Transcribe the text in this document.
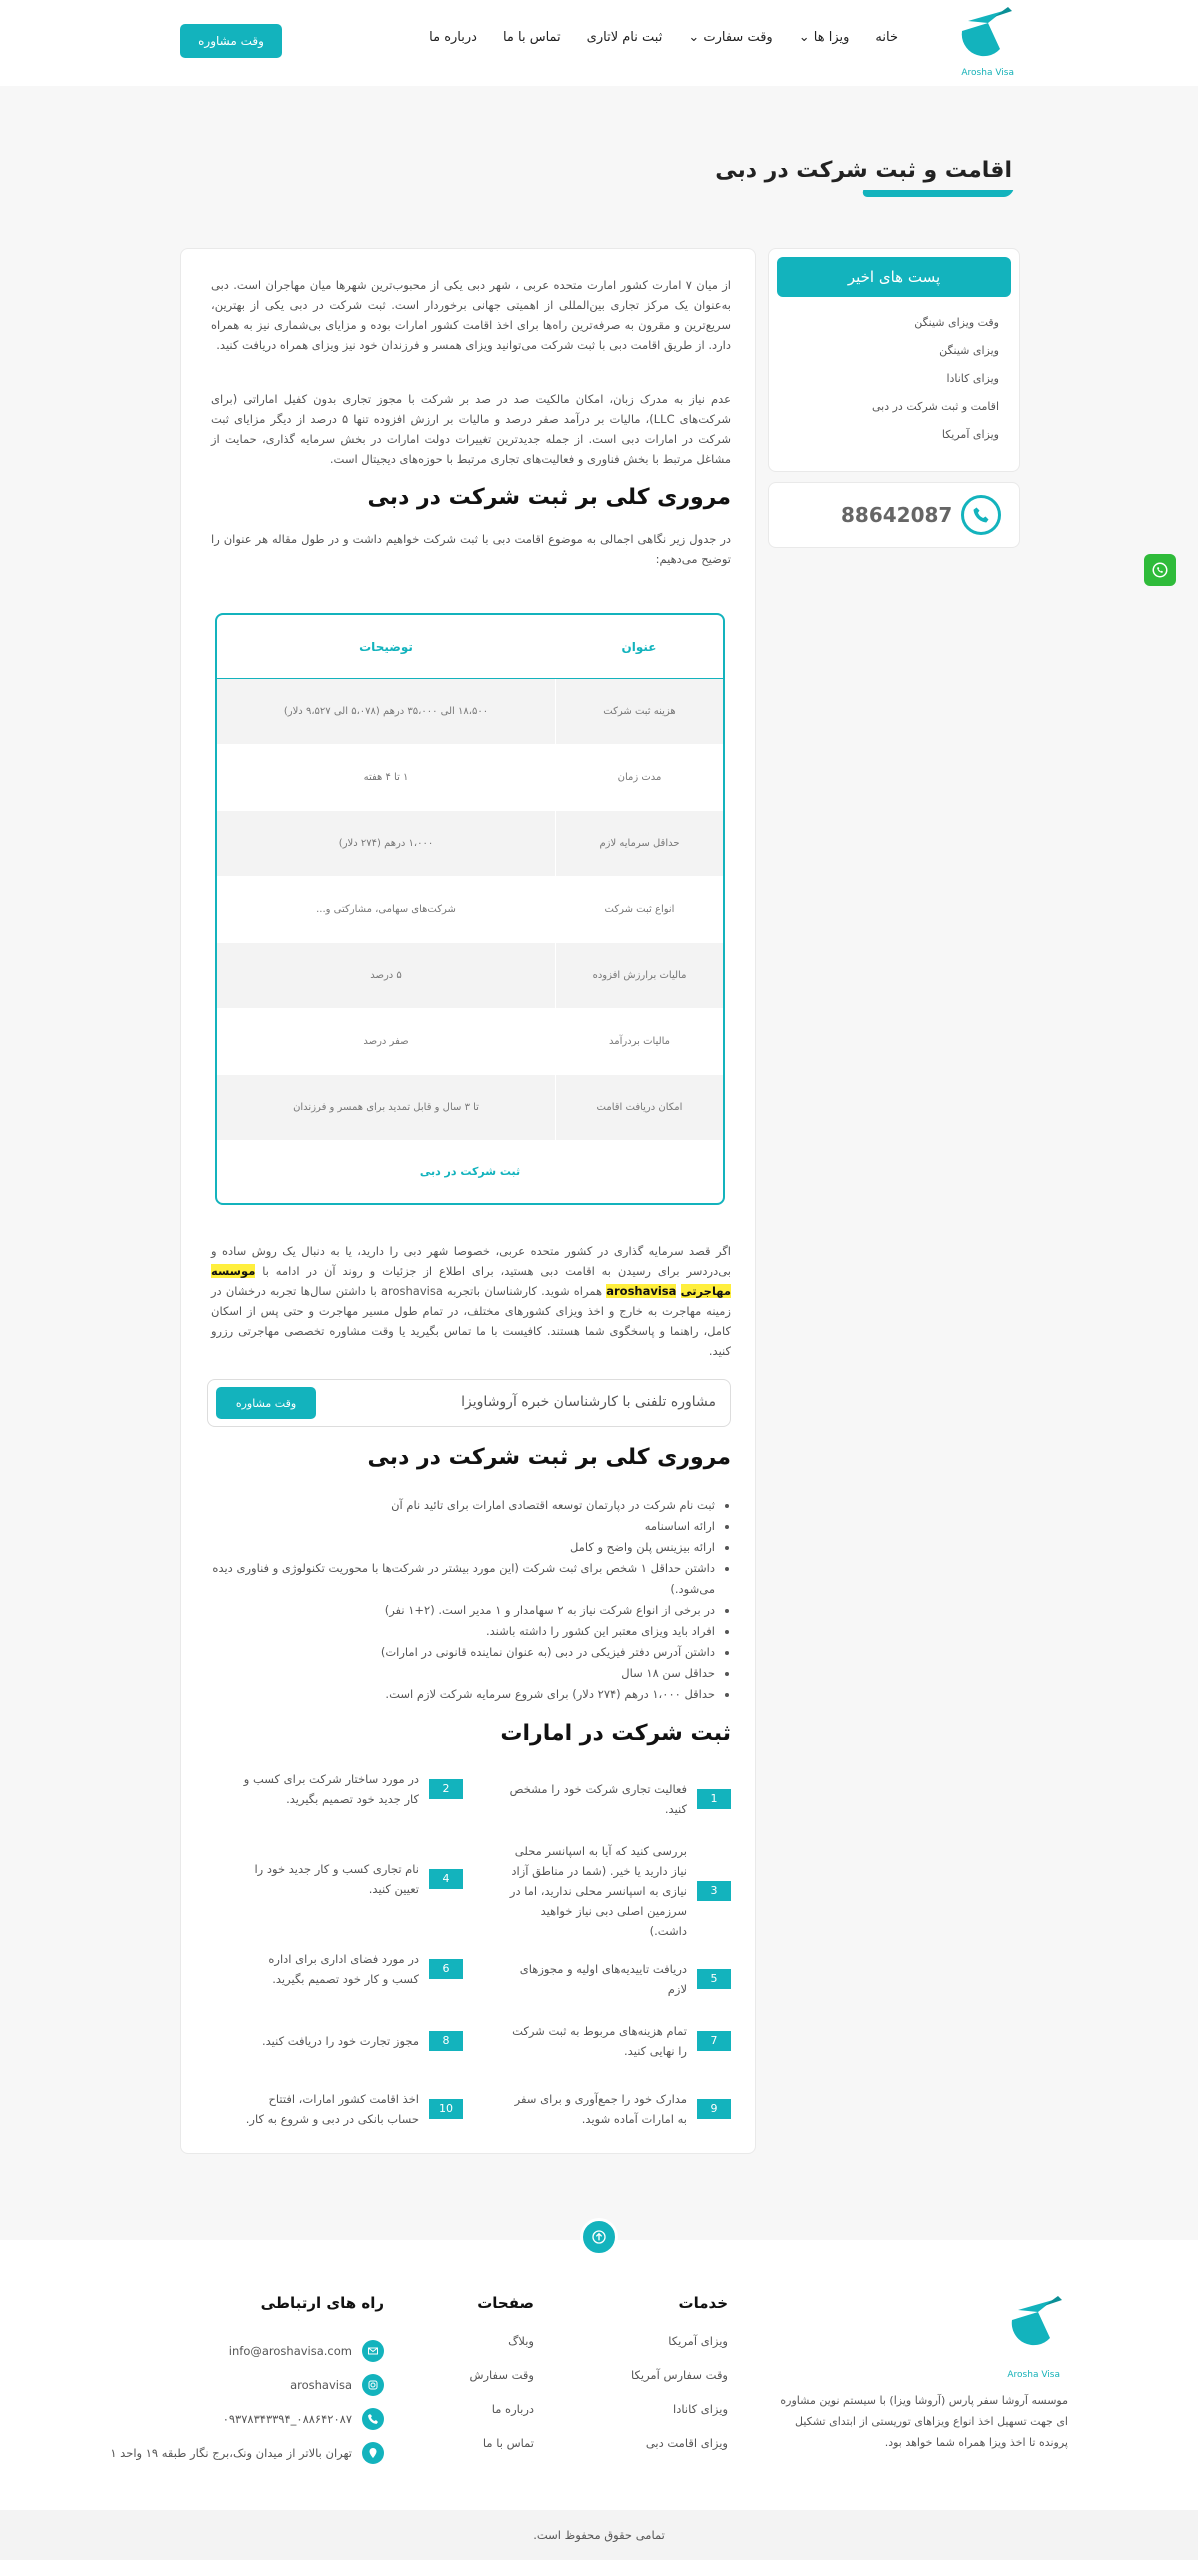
Arosha Visa
خانه
ویزا ها ⌄
وقت سفارت ⌄
ثبت نام لاتاری
تماس با ما
درباره ما
وقت مشاوره
اقامت و ثبت شرکت در دبی
پست های اخیر
وقت ویزای شینگن
ویزای شینگن
ویزای کانادا
اقامت و ثبت شرکت در دبی
ویزای آمریکا
88642087

از میان ۷ امارت کشور امارت متحده عربی ، شهر دبی یکی از محبوب‌ترین شهرها میان مهاجران است. دبی به‌عنوان یک مرکز تجاری بین‌المللی از اهمیتی جهانی برخوردار است. ثبت شرکت در دبی یکی از بهترین، سریع‌ترین و مقرون به صرفه‌ترین راه‌ها برای اخذ اقامت کشور امارات بوده و مزایای بی‌شماری نیز به همراه دارد. از طریق اقامت دبی با ثبت شرکت می‌توانید ویزای همسر و فرزندان خود نیز ویزای همراه دریافت کنید.

عدم نیاز به مدرک زبان، امکان مالکیت صد در صد بر شرکت با مجوز تجاری بدون کفیل اماراتی (برای شرکت‌های LLC)، مالیات بر درآمد صفر درصد و مالیات بر ارزش افزوده تنها ۵ درصد از دیگر مزایای ثبت شرکت در امارات دبی است. از جمله جدیدترین تغییرات دولت امارات در بخش سرمایه گذاری، حمایت از مشاغل مرتبط با بخش فناوری و فعالیت‌های تجاری مرتبط با حوزه‌های دیجیتال است.

مروری کلی بر ثبت شرکت در دبی

در جدول زیر نگاهی اجمالی به موضوع اقامت دبی با ثبت شرکت خواهیم داشت و در طول مقاله هر عنوان را توضیح می‌دهیم:

عنوان
توضیحات
هزینه ثبت شرکت
۱۸،۵۰۰ الی ۳۵،۰۰۰ درهم (۵،۰۷۸ الی ۹،۵۲۷ دلار)
مدت زمان
۱ تا ۴ هفته
حداقل سرمایه لازم
۱،۰۰۰ درهم (۲۷۴ دلار)
انواع ثبت شرکت
شرکت‌های سهامی، مشارکتی و...
مالیات برارزش افزوده
۵ درصد
مالیات بردرآمد
صفر درصد
امکان دریافت اقامت
تا ۳ سال و قابل تمدید برای همسر و فرزندان
ثبت شرکت در دبی

اگر قصد سرمایه گذاری در کشور متحده عربی، خصوصا شهر دبی را دارید، یا به دنبال یک روش ساده و بی‌دردسر برای رسیدن به اقامت دبی هستید، برای اطلاع از جزئیات و روند آن در ادامه با موسسه مهاجرتی aroshavisa همراه شوید. کارشناسان باتجربه aroshavisa با داشتن سال‌ها تجربه درخشان در زمینه مهاجرت به خارج و اخذ ویزای کشورهای مختلف، در تمام طول مسیر مهاجرت و حتی پس از اسکان کامل، راهنما و پاسخگوی شما هستند. کافیست با ما تماس بگیرید یا وقت مشاوره تخصصی مهاجرتی رزرو کنید.

مشاوره تلفنی با کارشناسان خبره آروشاویزا
وقت مشاوره
مروری کلی بر ثبت شرکت در دبی
• ثبت نام شرکت در دپارتمان توسعه اقتصادی امارات برای تائید نام آن
• ارائه اساسنامه
• ارائه بیزینس پلن واضح و کامل
• داشتن حداقل ۱ شخص برای ثبت شرکت (این مورد بیشتر در شرکت‌ها با محوریت تکنولوژی و فناوری دیده می‌شود.)
• در برخی از انواع شرکت نیاز به ۲ سهامدار و ۱ مدیر است. (۲+۱ نفر)
• افراد باید ویزای معتبر این کشور را داشته باشند.
• داشتن آدرس دفتر فیزیکی در دبی (به عنوان نماینده قانونی در امارات)
• حداقل سن ۱۸ سال
• حداقل ۱،۰۰۰ درهم (۲۷۴ دلار) برای شروع سرمایه شرکت لازم است.
ثبت شرکت در امارات
1
فعالیت تجاری شرکت خود را مشخص کنید.
2
در مورد ساختار شرکت برای کسب و کار جدید خود تصمیم بگیرید.
3
بررسی کنید که آیا به اسپانسر محلی نیاز دارید یا خیر. (شما در مناطق آزاد نیازی به اسپانسر محلی ندارید، اما در سرزمین اصلی دبی نیاز خواهید داشت.)
4
نام تجاری کسب و کار جدید خود را تعیین کنید.
5
دریافت تاییدیه‌های اولیه و مجوزهای لازم
6
در مورد فضای اداری برای اداره کسب و کار خود تصمیم بگیرید.
7
تمام هزینه‌های مربوط به ثبت شرکت را نهایی کنید.
8
مجوز تجارت خود را دریافت کنید.
9
مدارک خود را جمع‌آوری و برای سفر به امارات آماده شوید.
10
اخذ اقامت کشور امارات، افتتاح حساب بانکی در دبی و شروع به کار.
Arosha Visa

موسسه آروشا سفر پارس (آروشا ویزا) با سیستم نوین مشاوره ای جهت تسهیل اخذ انواع ویزاهای توریستی از ابتدای تشکیل پرونده تا اخذ ویزا همراه شما خواهد بود.

خدمات
ویزای آمریکا
وقت سفارس آمریکا
ویزای کانادا
ویزای اقامت دبی
صفحات
وبلاگ
وقت سفارش
درباره ما
تماس با ما
راه های ارتباطی
info@aroshavisa.com
aroshavisa
۰۸۸۶۴۲۰۸۷_۰۹۳۷۸۳۴۳۳۹۴
تهران بالاتر از میدان ونک،برج نگار طبقه ۱۹ واحد ۱
تمامی حقوق محفوظ است.
